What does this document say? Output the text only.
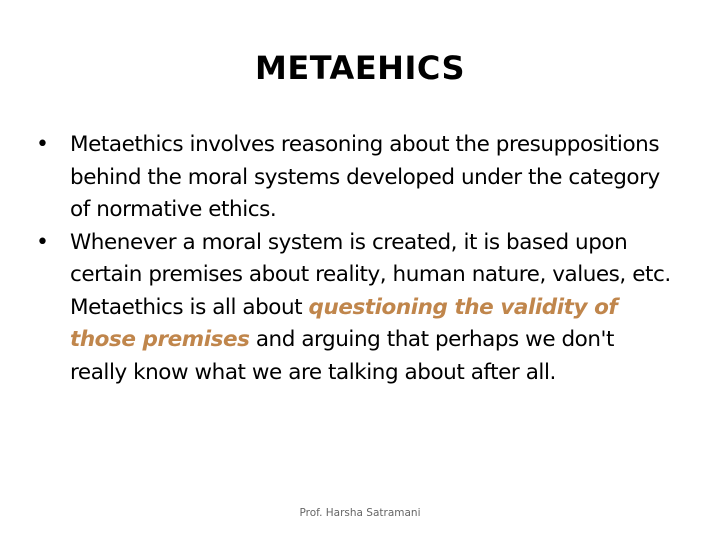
METAEHICS
• Metaethics involves reasoning about the presuppositions behind the moral systems developed under the category of normative ethics.
• Whenever a moral system is created, it is based upon certain premises about reality, human nature, values, etc. Metaethics is all about questioning the validity of those premises and arguing that perhaps we don't really know what we are talking about after all.
Prof. Harsha Satramani
